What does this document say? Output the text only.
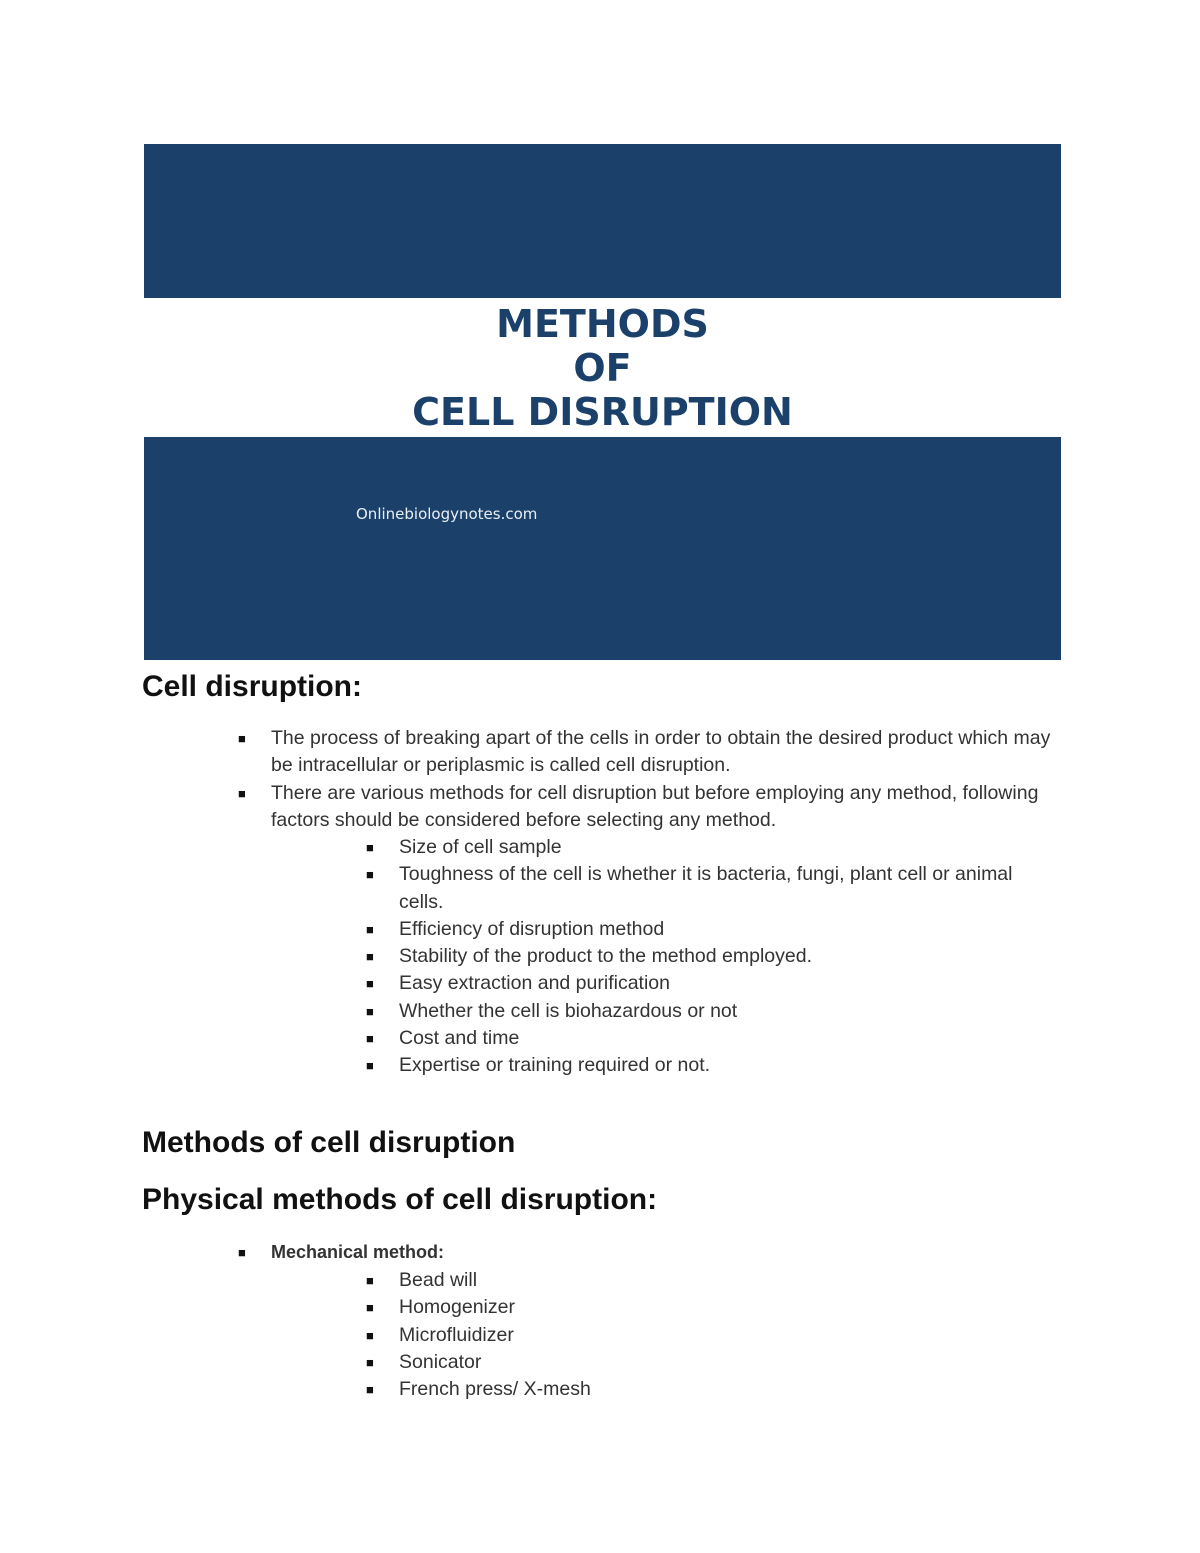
METHODS
OF
CELL DISRUPTION
Onlinebiologynotes.com
Cell disruption:
■ The process of breaking apart of the cells in order to obtain the desired product which may be intracellular or periplasmic is called cell disruption.
■ There are various methods for cell disruption but before employing any method, following factors should be considered before selecting any method.
■ Size of cell sample
■ Toughness of the cell is whether it is bacteria, fungi, plant cell or animal cells.
■ Efficiency of disruption method
■ Stability of the product to the method employed.
■ Easy extraction and purification
■ Whether the cell is biohazardous or not
■ Cost and time
■ Expertise or training required or not.
Methods of cell disruption
Physical methods of cell disruption:
■ Mechanical method:
■ Bead will
■ Homogenizer
■ Microfluidizer
■ Sonicator
■ French press/ X-mesh
